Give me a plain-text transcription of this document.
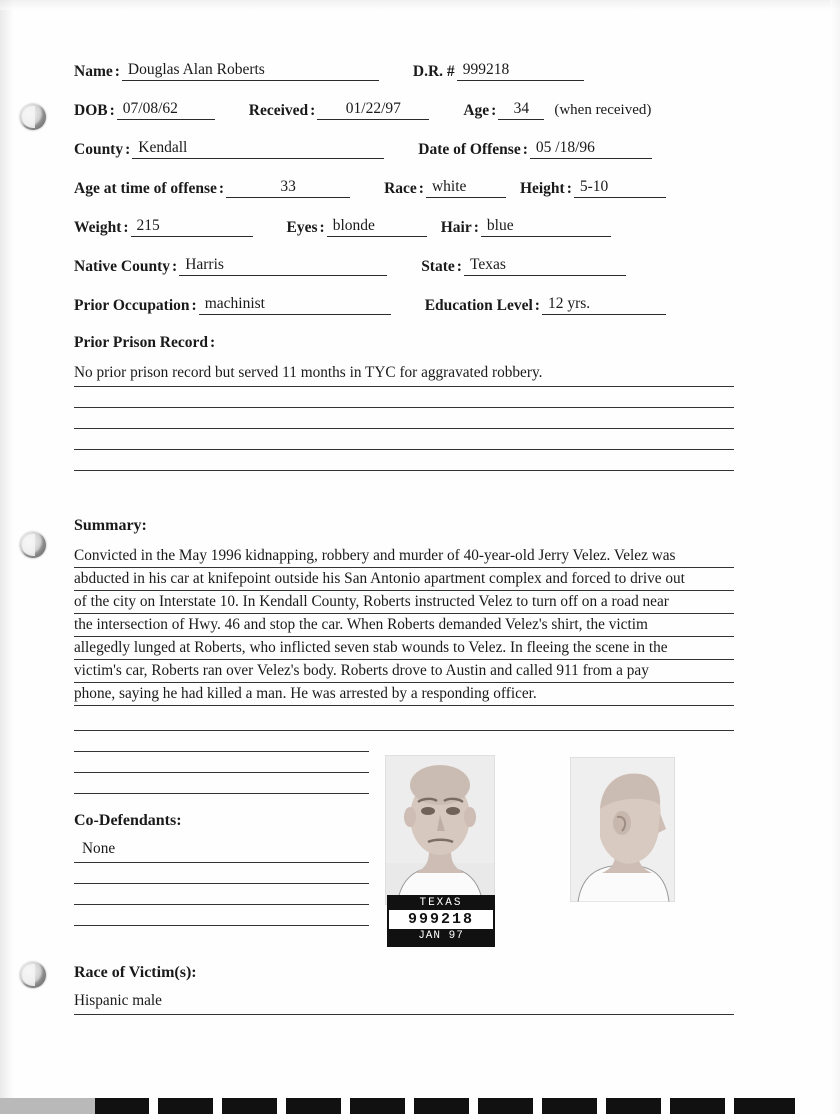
Name : Douglas Alan Roberts	D.R. # 999218
DOB : 07/08/62	Received :	01/22/97	Age :	34	(when received)
County : Kendall	Date of Offense : 05 /18/96
Age at time of offense :	33	Race : white	Height : 5-10
Weight : 215	Eyes : blonde	Hair : blue
Native County : Harris	State : Texas
Prior Occupation : machinist	Education Level : 12 yrs.
Prior Prison Record :
No prior prison record but served 11 months in TYC for aggravated robbery.
Summary:
Convicted in the May 1996 kidnapping, robbery and murder of 40-year-old Jerry Velez. Velez was
abducted in his car at knifepoint outside his San Antonio apartment complex and forced to drive out
of the city on Interstate 10. In Kendall County, Roberts instructed Velez to turn off on a road near
the intersection of Hwy. 46 and stop the car. When Roberts demanded Velez's shirt, the victim
allegedly lunged at Roberts, who inflicted seven stab wounds to Velez. In fleeing the scene in the
victim's car, Roberts ran over Velez's body. Roberts drove to Austin and called 911 from a pay
phone, saying he had killed a man. He was arrested by a responding officer.
Co-Defendants:
None
Race of Victim(s):
Hispanic male
TEXAS
999218
JAN 97
